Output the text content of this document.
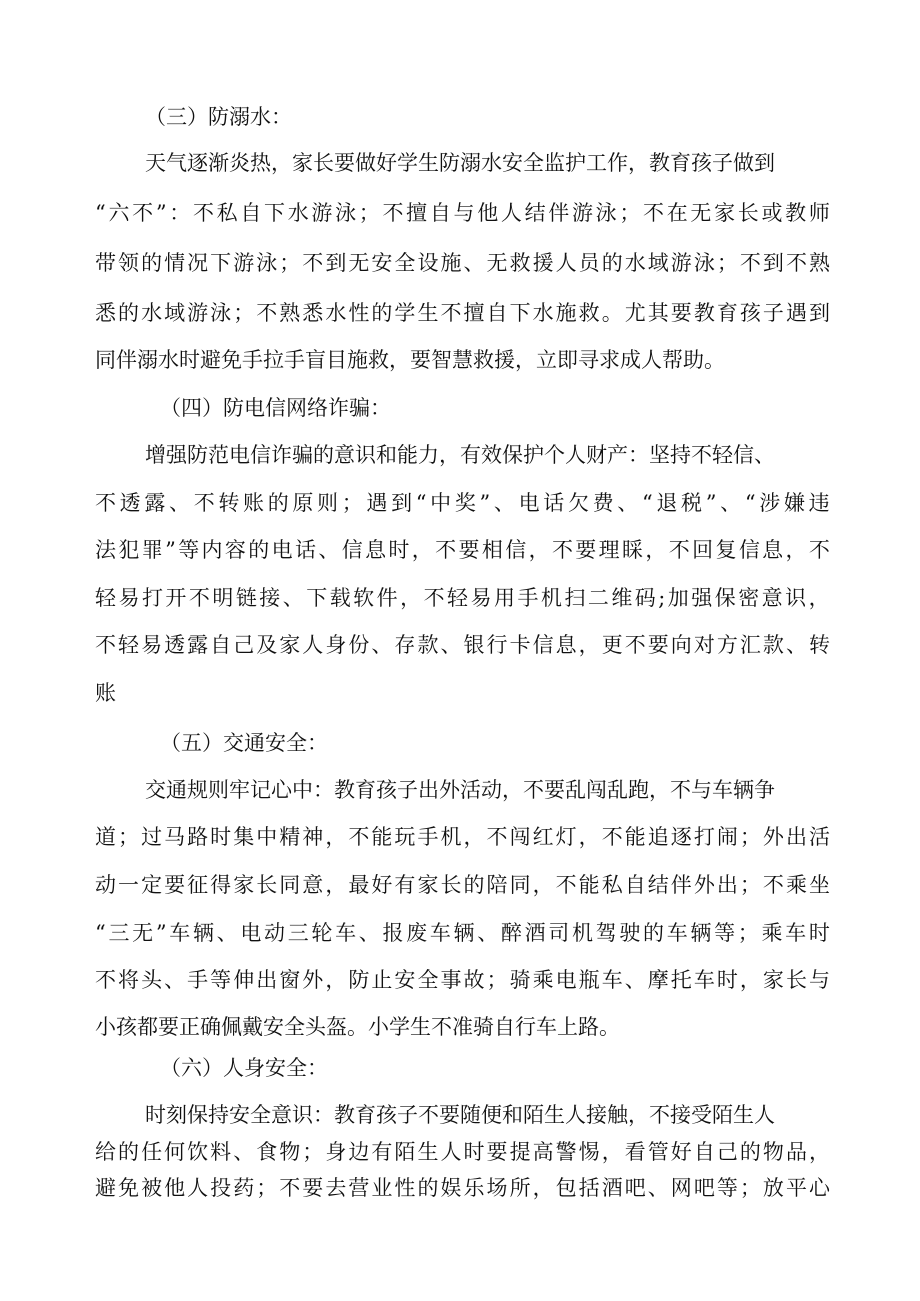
（三）防溺水：
天气逐渐炎热，家长要做好学生防溺水安全监护工作，教育孩子做到
“ 六 不 ” ： 不 私 自 下 水 游 泳 ； 不 擅 自 与 他 人 结 伴 游 泳 ； 不 在 无 家 长 或 教 师
带 领 的 情 况 下 游 泳 ； 不 到 无 安 全 设 施 、 无 救 援 人 员 的 水 域 游 泳 ； 不 到 不 熟
悉 的 水 域 游 泳 ； 不 熟 悉 水 性 的 学 生 不 擅 自 下 水 施 救 。 尤 其 要 教 育 孩 子 遇 到
同伴溺水时避免手拉手盲目施救，要智慧救援，立即寻求成人帮助。
（四）防电信网络诈骗：
增强防范电信诈骗的意识和能力，有效保护个人财产：坚持不轻信、
不 透 露 、 不 转 账 的 原 则 ； 遇 到 “ 中 奖 ” 、 电 话 欠 费 、 “ 退 税 ” 、 “ 涉 嫌 违
法 犯 罪 ” 等 内 容 的 电 话 、 信 息 时 ， 不 要 相 信 ， 不 要 理 睬 ， 不 回 复 信 息 ， 不
轻 易 打 开 不 明 链 接 、 下 载 软 件 ， 不 轻 易 用 手 机 扫 二 维 码 ; 加 强 保 密 意 识 ，
不 轻 易 透 露 自 己 及 家 人 身 份 、 存 款 、 银 行 卡 信 息 ， 更 不 要 向 对 方 汇 款 、 转
账
（五）交通安全：
交通规则牢记心中：教育孩子出外活动，不要乱闯乱跑，不与车辆争
道 ； 过 马 路 时 集 中 精 神 ， 不 能 玩 手 机 ， 不 闯 红 灯 ， 不 能 追 逐 打 闹 ； 外 出 活
动 一 定 要 征 得 家 长 同 意 ， 最 好 有 家 长 的 陪 同 ， 不 能 私 自 结 伴 外 出 ； 不 乘 坐
“ 三 无 ” 车 辆 、 电 动 三 轮 车 、 报 废 车 辆 、 醉 酒 司 机 驾 驶 的 车 辆 等 ； 乘 车 时
不 将 头 、 手 等 伸 出 窗 外 ， 防 止 安 全 事 故 ； 骑 乘 电 瓶 车 、 摩 托 车 时 ， 家 长 与
小孩都要正确佩戴安全头盔。小学生不准骑自行车上路。
（六）人身安全：
时刻保持安全意识：教育孩子不要随便和陌生人接触，不接受陌生人
给 的 任 何 饮 料 、 食 物 ； 身 边 有 陌 生 人 时 要 提 高 警 惕 ， 看 管 好 自 己 的 物 品 ，
避 免 被 他 人 投 药 ； 不 要 去 营 业 性 的 娱 乐 场 所 ， 包 括 酒 吧 、 网 吧 等 ； 放 平 心
